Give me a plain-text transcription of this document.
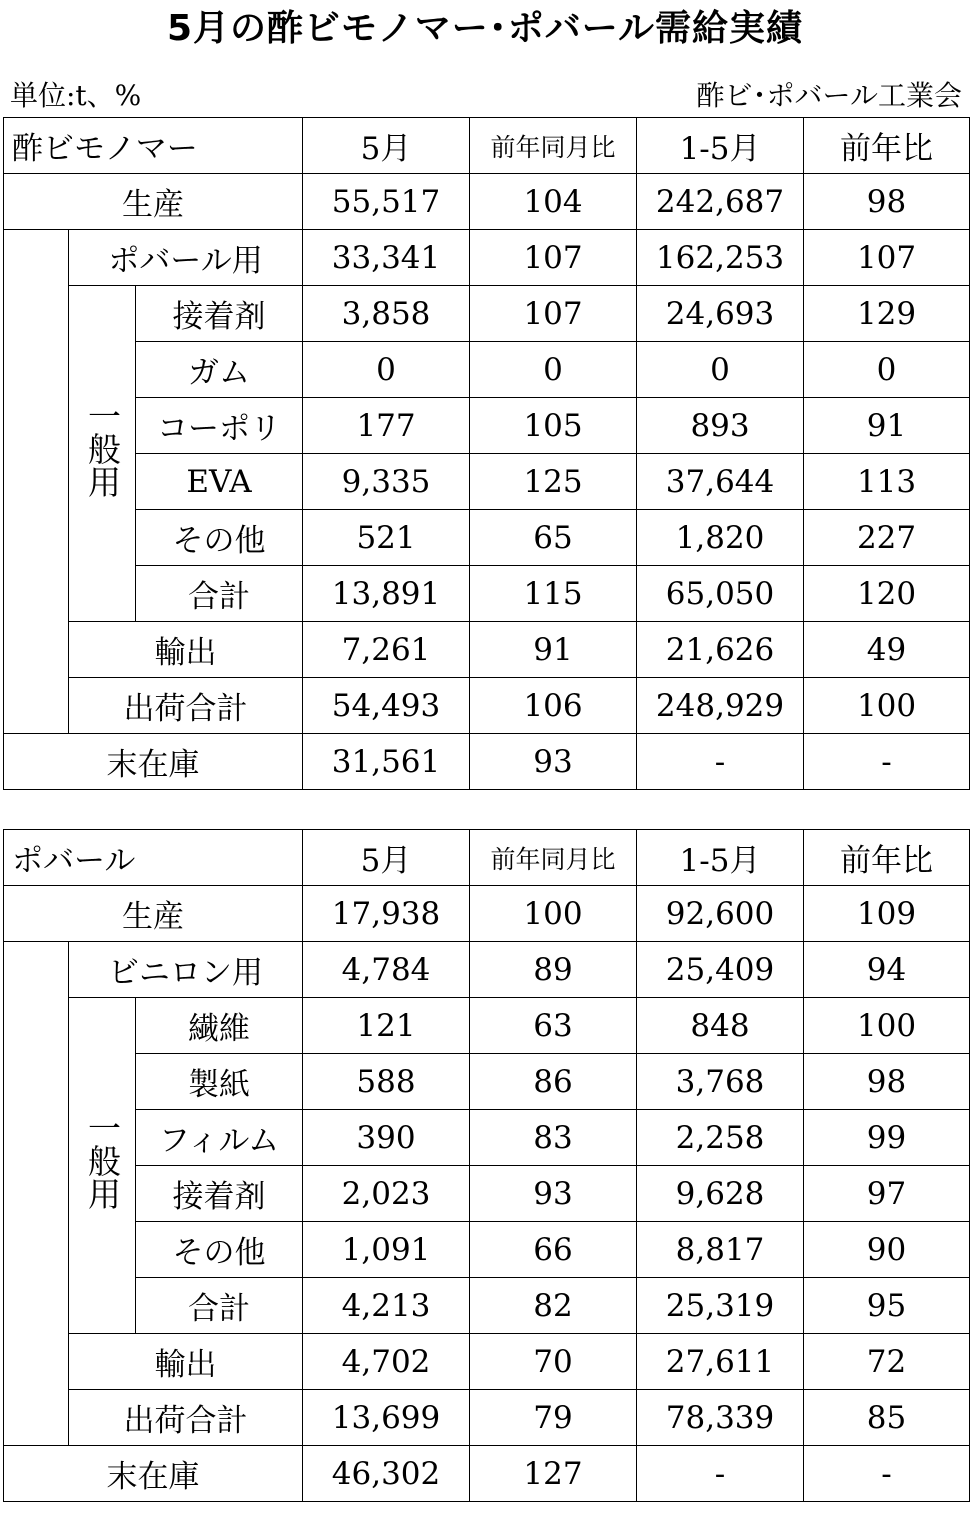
5月の酢ビモノマー･ポバール需給実績
単位:t、%	酢ビ･ポバール工業会
酢ビモノマー			5月	前年同月比	1-5月	前年比
生産			55,517	104	242,687	98
	ポバール用		33,341	107	162,253	107
	一般用	接着剤	3,858	107	24,693	129
		ガム	0	0	0	0
		コーポリ	177	105	893	91
		EVA	9,335	125	37,644	113
		その他	521	65	1,820	227
		合計	13,891	115	65,050	120
	輸出		7,261	91	21,626	49
	出荷合計		54,493	106	248,929	100
末在庫			31,561	93	-	-
ポバール			5月	前年同月比	1-5月	前年比
生産			17,938	100	92,600	109
	ビニロン用		4,784	89	25,409	94
	一般用	繊維	121	63	848	100
		製紙	588	86	3,768	98
		フィルム	390	83	2,258	99
		接着剤	2,023	93	9,628	97
		その他	1,091	66	8,817	90
		合計	4,213	82	25,319	95
	輸出		4,702	70	27,611	72
	出荷合計		13,699	79	78,339	85
末在庫			46,302	127	-	-
